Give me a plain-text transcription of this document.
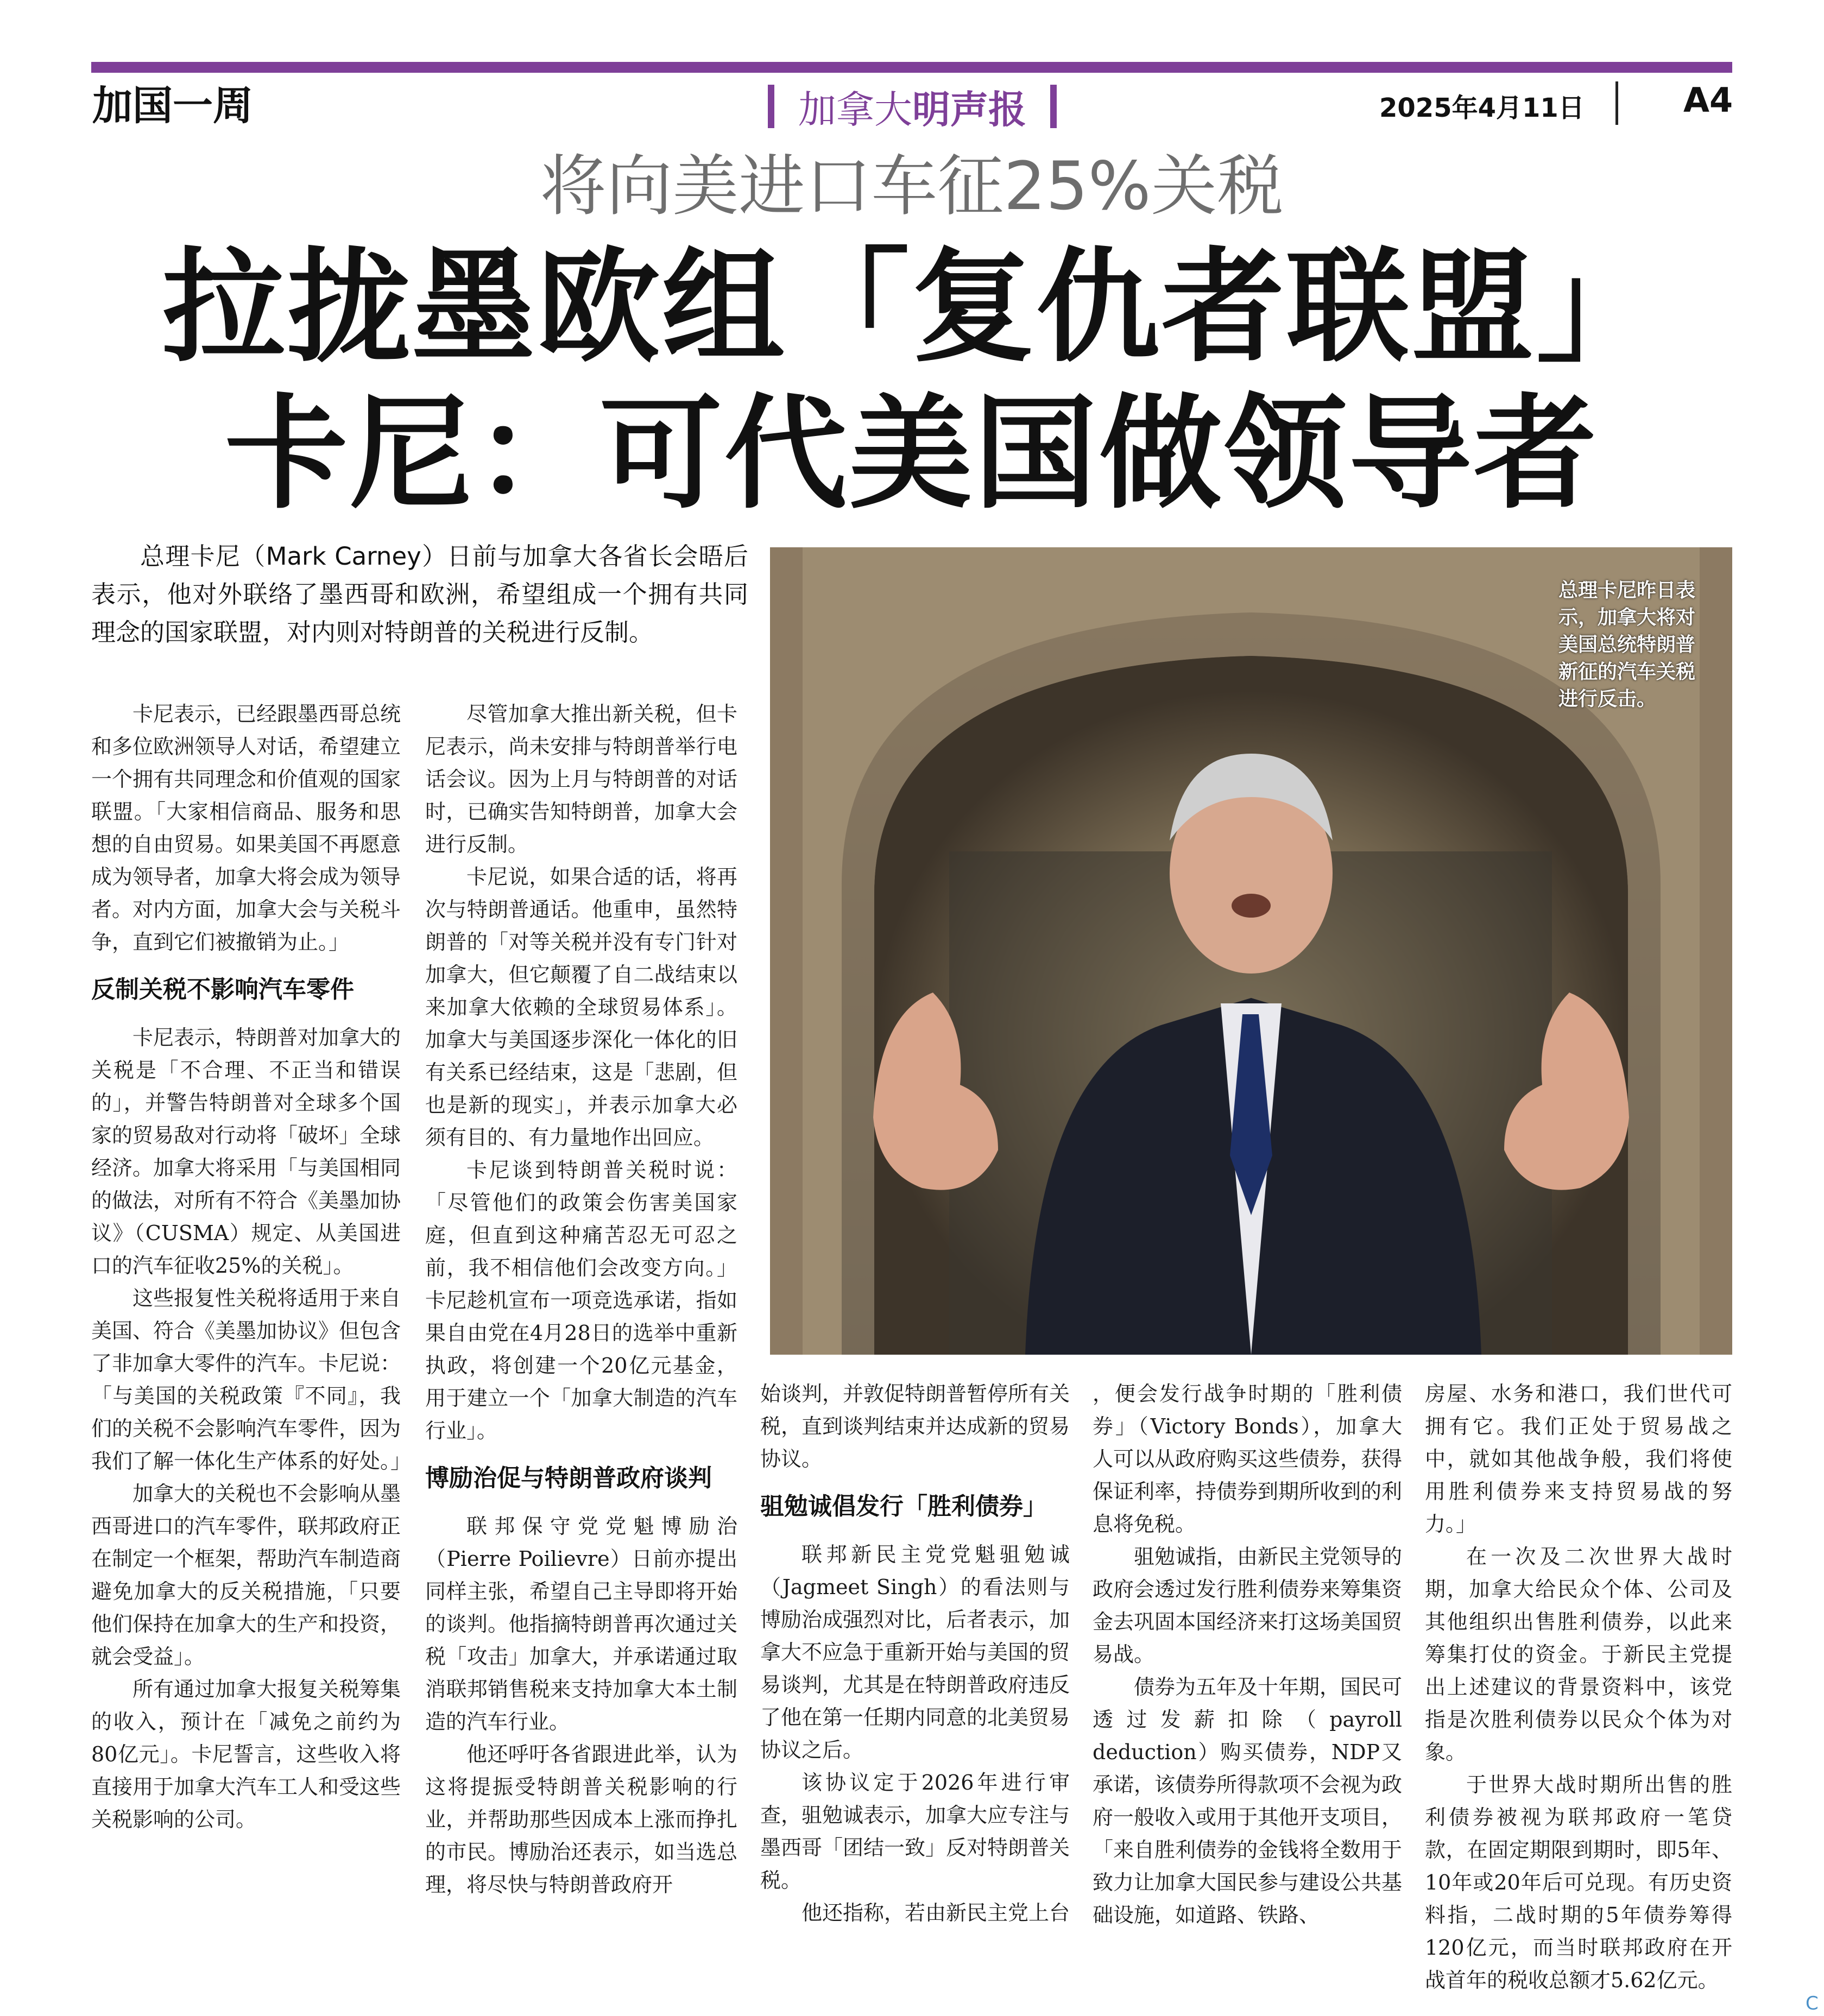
加国一周	加拿大明声报	2025年4月11日	A4
将向美进口车征25%关税
拉拢墨欧组「复仇者联盟」
卡尼：可代美国做领导者

总理卡尼（Mark Carney）日前与加拿大各省长会晤后表示，他对外联络了墨西哥和欧洲，希望组成一个拥有共同理念的国家联盟，对内则对特朗普的关税进行反制。

总理卡尼昨日表示，加拿大将对美国总统特朗普新征的汽车关税进行反击。

卡尼表示，已经跟墨西哥总统和多位欧洲领导人对话，希望建立一个拥有共同理念和价值观的国家联盟。「大家相信商品、服务和思想的自由贸易。如果美国不再愿意成为领导者，加拿大将会成为领导者。对内方面，加拿大会与关税斗争，直到它们被撤销为止。」

反制关税不影响汽车零件

卡尼表示，特朗普对加拿大的关税是「不合理、不正当和错误的」，并警告特朗普对全球多个国家的贸易敌对行动将「破坏」全球经济。加拿大将采用「与美国相同的做法，对所有不符合《美墨加协议》（CUSMA）规定、从美国进口的汽车征收25%的关税」。

这些报复性关税将适用于来自美国、符合《美墨加协议》但包含了非加拿大零件的汽车。卡尼说：「与美国的关税政策『不同』，我们的关税不会影响汽车零件，因为我们了解一体化生产体系的好处。」

加拿大的关税也不会影响从墨西哥进口的汽车零件，联邦政府正在制定一个框架，帮助汽车制造商避免加拿大的反关税措施，「只要他们保持在加拿大的生产和投资，就会受益」。

所有通过加拿大报复关税筹集的收入，预计在「减免之前约为80亿元」。卡尼誓言，这些收入将直接用于加拿大汽车工人和受这些关税影响的公司。

尽管加拿大推出新关税，但卡尼表示，尚未安排与特朗普举行电话会议。因为上月与特朗普的对话时，已确实告知特朗普，加拿大会进行反制。

卡尼说，如果合适的话，将再次与特朗普通话。他重申，虽然特朗普的「对等关税并没有专门针对加拿大，但它颠覆了自二战结束以来加拿大依赖的全球贸易体系」。加拿大与美国逐步深化一体化的旧有关系已经结束，这是「悲剧，但也是新的现实」，并表示加拿大必须有目的、有力量地作出回应。

卡尼谈到特朗普关税时说：「尽管他们的政策会伤害美国家庭，但直到这种痛苦忍无可忍之前，我不相信他们会改变方向。」卡尼趁机宣布一项竞选承诺，指如果自由党在4月28日的选举中重新执政，将创建一个20亿元基金，用于建立一个「加拿大制造的汽车行业」。

博励治促与特朗普政府谈判

联邦保守党党魁博励治（Pierre Poilievre）日前亦提出同样主张，希望自己主导即将开始的谈判。他指摘特朗普再次通过关税「攻击」加拿大，并承诺通过取消联邦销售税来支持加拿大本土制造的汽车行业。

他还呼吁各省跟进此举，认为这将提振受特朗普关税影响的行业，并帮助那些因成本上涨而挣扎的市民。博励治还表示，如当选总理，将尽快与特朗普政府开

始谈判，并敦促特朗普暂停所有关税，直到谈判结束并达成新的贸易协议。

驵勉诚倡发行「胜利债券」

联邦新民主党党魁驵勉诚（Jagmeet Singh）的看法则与博励治成强烈对比，后者表示，加拿大不应急于重新开始与美国的贸易谈判，尤其是在特朗普政府违反了他在第一任期内同意的北美贸易协议之后。

该协议定于2026年进行审查，驵勉诚表示，加拿大应专注与墨西哥「团结一致」反对特朗普关税。

他还指称，若由新民主党上台

，便会发行战争时期的「胜利债券」（Victory Bonds），加拿大人可以从政府购买这些债券，获得保证利率，持债券到期所收到的利息将免税。

驵勉诚指，由新民主党领导的政府会透过发行胜利债券来筹集资金去巩固本国经济来打这场美国贸易战。

债券为五年及十年期，国民可透过发薪扣除（payroll deduction）购买债券，NDP又承诺，该债券所得款项不会视为政府一般收入或用于其他开支项目，「来自胜利债券的金钱将全数用于致力让加拿大国民参与建设公共基础设施，如道路、铁路、

房屋、水务和港口，我们世代可拥有它。我们正处于贸易战之中，就如其他战争般，我们将使用胜利债券来支持贸易战的努力。」

在一次及二次世界大战时期，加拿大给民众个体、公司及其他组织出售胜利债券，以此来筹集打仗的资金。于新民主党提出上述建议的背景资料中，该党指是次胜利债券以民众个体为对象。

于世界大战时期所出售的胜利债券被视为联邦政府一笔贷款，在固定期限到期时，即5年、10年或20年后可兑现。有历史资料指，二战时期的5年债券筹得120亿元，而当时联邦政府在开战首年的税收总额才5.62亿元。

C
